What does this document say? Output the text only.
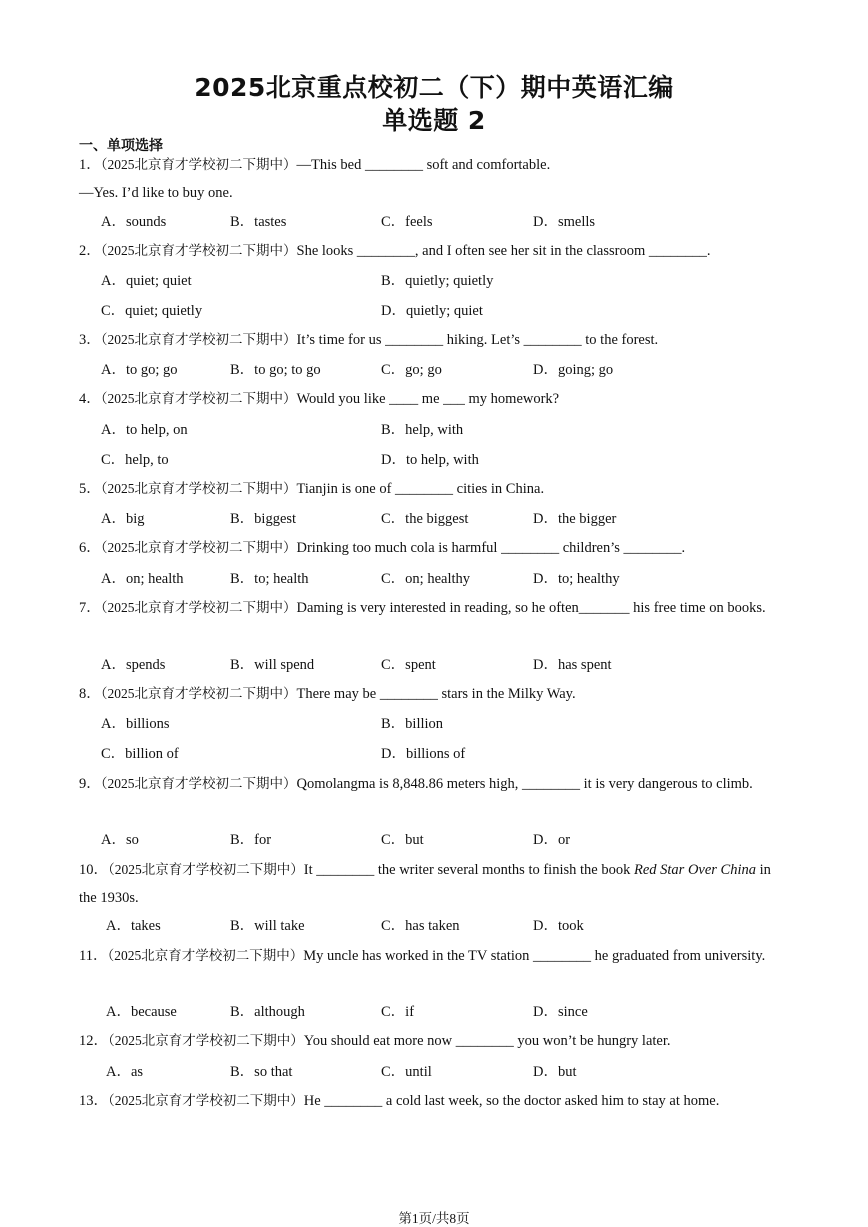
2025北京重点校初二（下）期中英语汇编
单选题 2
一、单项选择
1．（2025北京育才学校初二下期中）—This bed ________ soft and comfortable.
—Yes. I’d like to buy one.
A．sounds	B．tastes	C．feels	D．smells
2．（2025北京育才学校初二下期中）She looks ________, and I often see her sit in the classroom ________.
A．quiet; quiet	B．quietly; quietly
C．quiet; quietly	D．quietly; quiet
3．（2025北京育才学校初二下期中）It’s time for us ________ hiking. Let’s ________ to the forest.
A．to go; go	B．to go; to go	C．go; go	D．going; go
4．（2025北京育才学校初二下期中）Would you like ____ me ___ my homework?
A．to help, on	B．help, with
C．help, to	D．to help, with
5．（2025北京育才学校初二下期中）Tianjin is one of ________ cities in China.
A．big	B．biggest	C．the biggest	D．the bigger
6．（2025北京育才学校初二下期中）Drinking too much cola is harmful ________ children’s ________.
A．on; health	B．to; health	C．on; healthy	D．to; healthy
7．（2025北京育才学校初二下期中）Daming is very interested in reading, so he often_______ his free time on books.
A．spends	B．will spend	C．spent	D．has spent
8．（2025北京育才学校初二下期中）There may be ________ stars in the Milky Way.
A．billions	B．billion
C．billion of	D．billions of
9．（2025北京育才学校初二下期中）Qomolangma is 8,848.86 meters high, ________ it is very dangerous to climb.
A．so	B．for	C．but	D．or
10．（2025北京育才学校初二下期中）It ________ the writer several months to finish the book Red Star Over China in the 1930s.
A．takes	B．will take	C．has taken	D．took
11．（2025北京育才学校初二下期中）My uncle has worked in the TV station ________ he graduated from university.
A．because	B．although	C．if	D．since
12．（2025北京育才学校初二下期中）You should eat more now ________ you won’t be hungry later.
A．as	B．so that	C．until	D．but
13．（2025北京育才学校初二下期中）He ________ a cold last week, so the doctor asked him to stay at home.
第1页/共8页
